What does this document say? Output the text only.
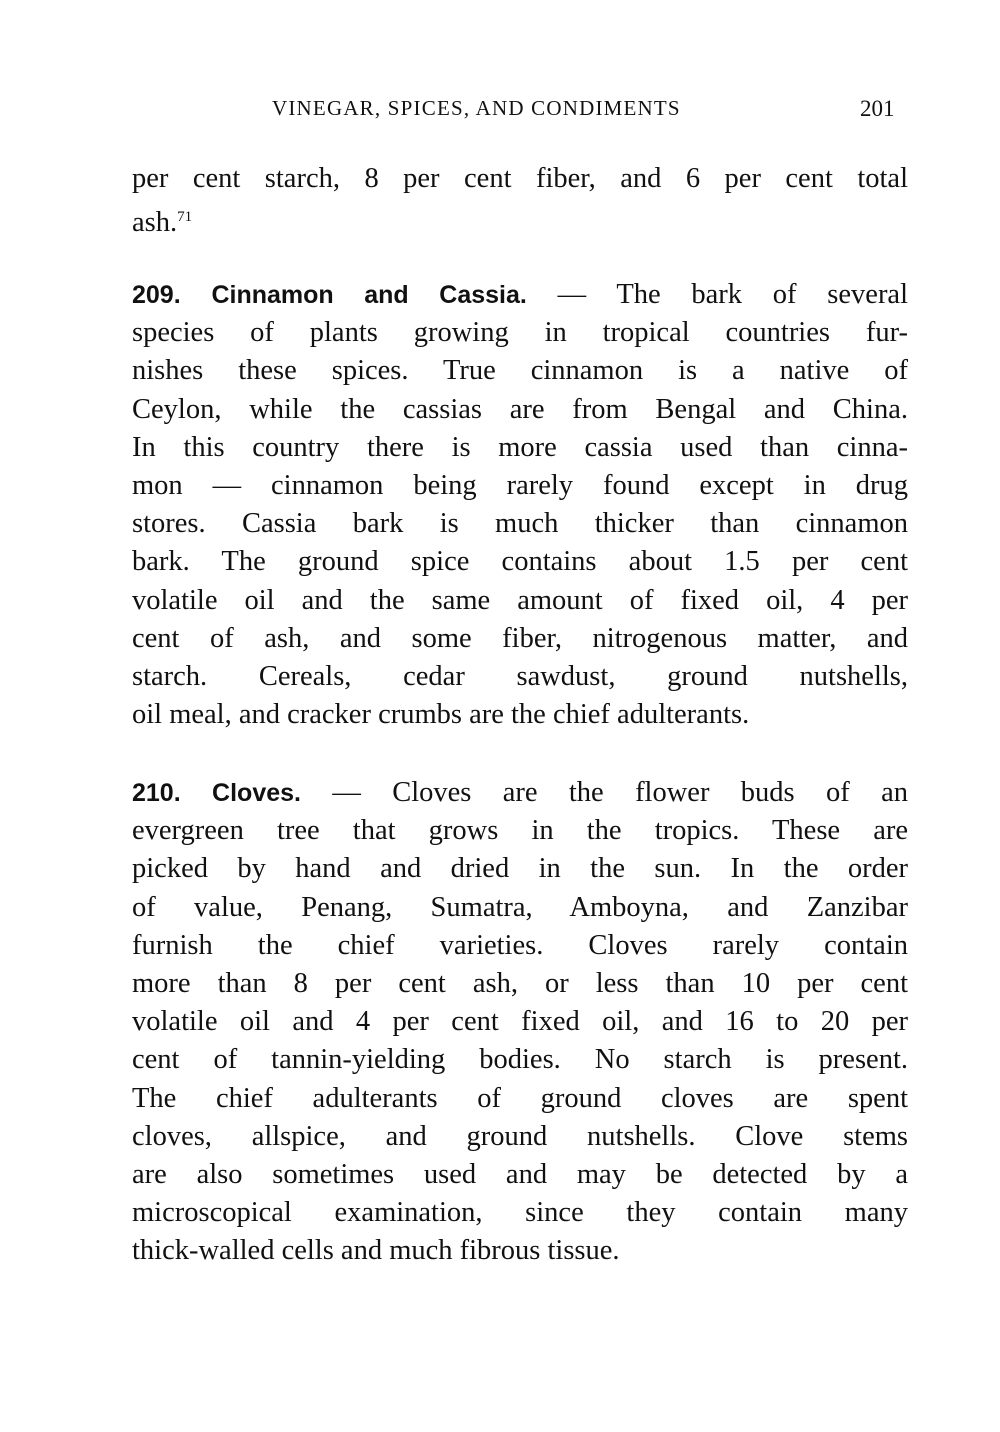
VINEGAR, SPICES, AND CONDIMENTS	201
per cent starch, 8 per cent fiber, and 6 per cent total
ash.$^{71}$
209. Cinnamon and Cassia. — The bark of several
species of plants growing in tropical countries fur-
nishes these spices. True cinnamon is a native of
Ceylon, while the cassias are from Bengal and China.
In this country there is more cassia used than cinna-
mon — cinnamon being rarely found except in drug
stores. Cassia bark is much thicker than cinnamon
bark. The ground spice contains about 1.5 per cent
volatile oil and the same amount of fixed oil, 4 per
cent of ash, and some fiber, nitrogenous matter, and
starch. Cereals, cedar sawdust, ground nutshells,
oil meal, and cracker crumbs are the chief adulterants.
210. Cloves. — Cloves are the flower buds of an
evergreen tree that grows in the tropics. These are
picked by hand and dried in the sun. In the order
of value, Penang, Sumatra, Amboyna, and Zanzibar
furnish the chief varieties. Cloves rarely contain
more than 8 per cent ash, or less than 10 per cent
volatile oil and 4 per cent fixed oil, and 16 to 20 per
cent of tannin-yielding bodies. No starch is present.
The chief adulterants of ground cloves are spent
cloves, allspice, and ground nutshells. Clove stems
are also sometimes used and may be detected by a
microscopical examination, since they contain many
thick-walled cells and much fibrous tissue.
